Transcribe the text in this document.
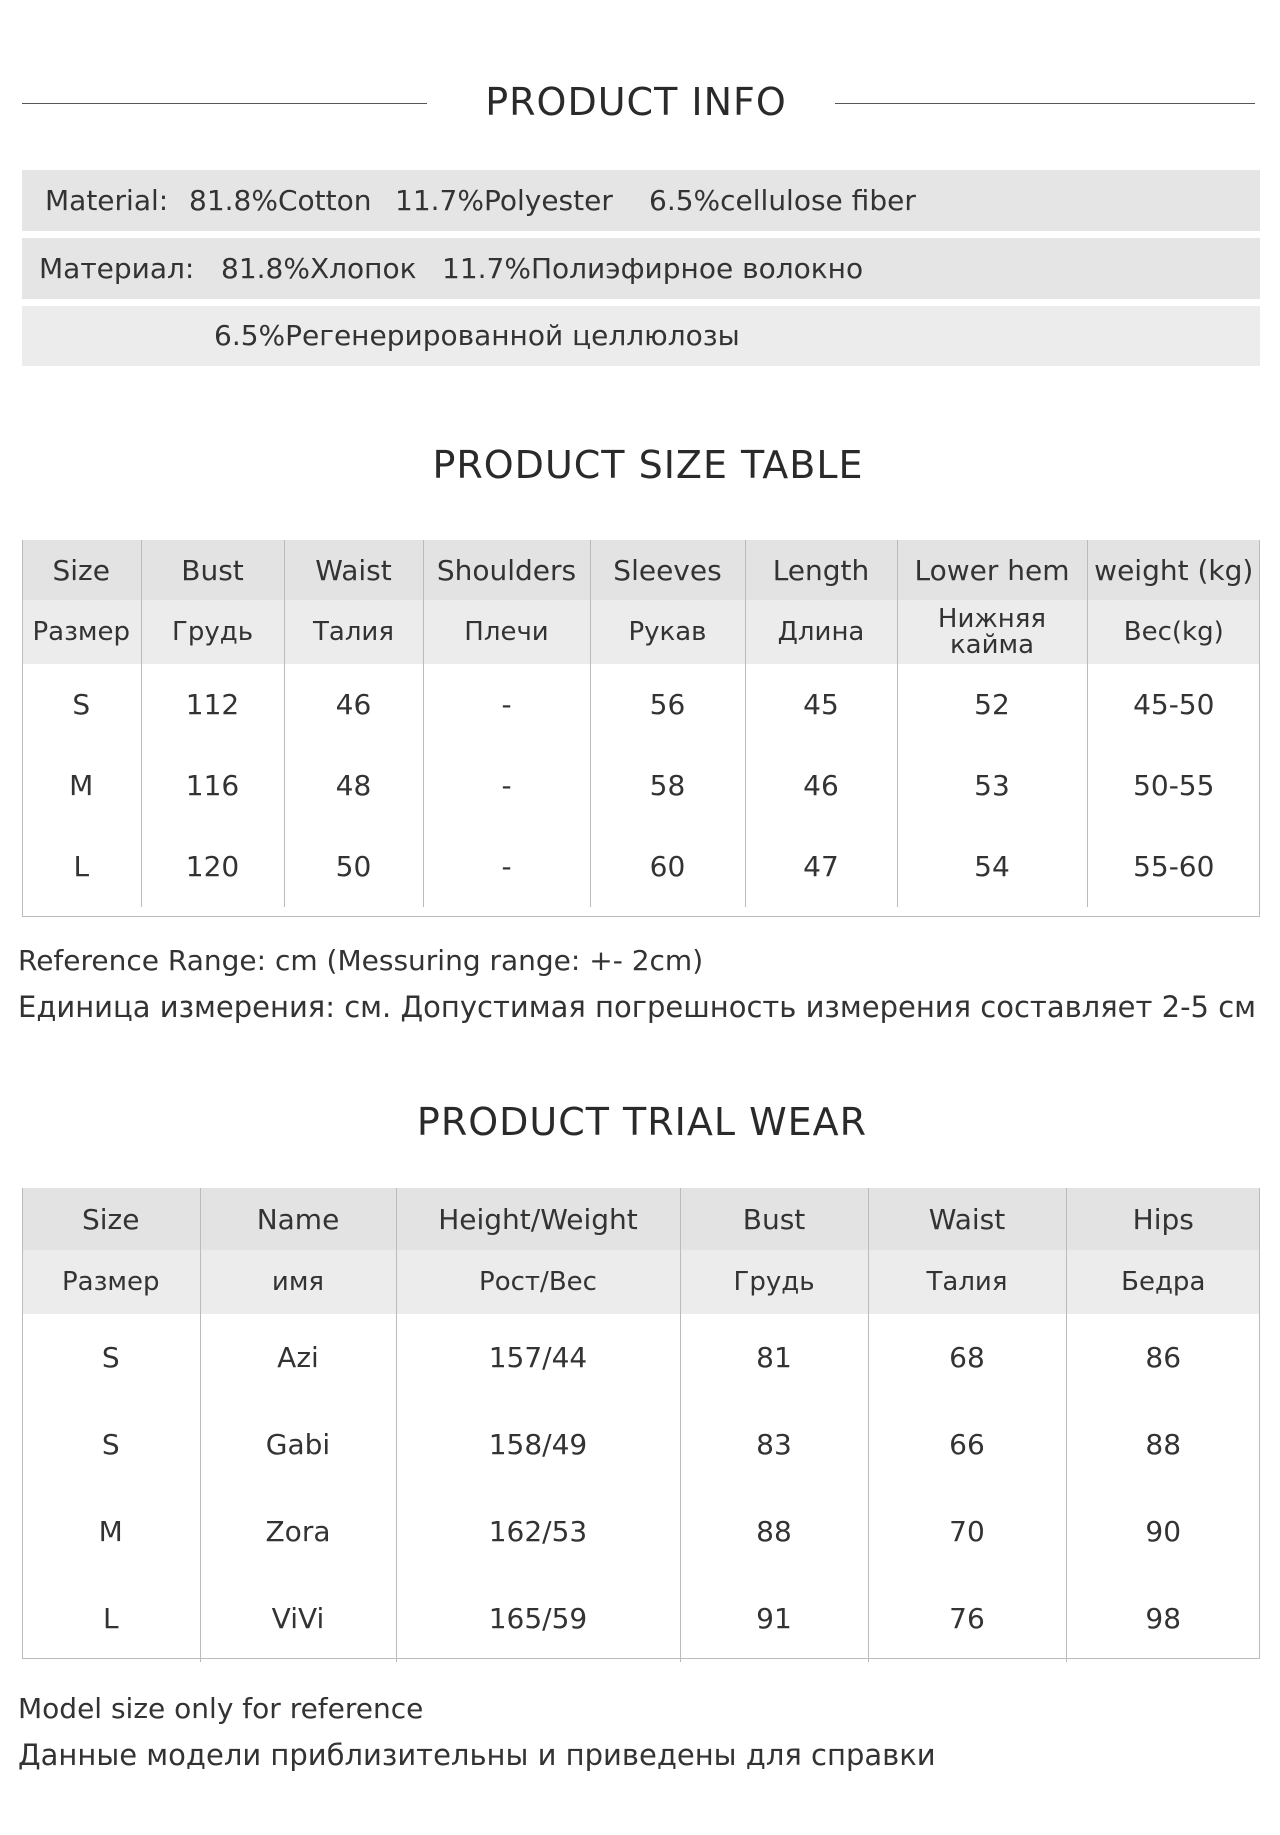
PRODUCT INFO
Material: 81.8%Cotton 11.7%Polyester 6.5%cellulose fiber
Материал: 81.8%Хлопок 11.7%Полиэфирное волокно
6.5%Регенерированной целлюлозы
PRODUCT SIZE TABLE
Size	Bust	Waist	Shoulders	Sleeves	Length	Lower hem	weight (kg)
Размер	Грудь	Талия	Плечи	Рукав	Длина	Нижняя кайма	Вес(kg)
S	112	46	-	56	45	52	45-50
M	116	48	-	58	46	53	50-55
L	120	50	-	60	47	54	55-60
Reference Range: cm (Messuring range: +- 2cm)
Единица измерения: см. Допустимая погрешность измерения составляет 2-5 см
PRODUCT TRIAL WEAR
Size	Name	Height/Weight	Bust	Waist	Hips
Размер	имя	Рост/Вес	Грудь	Талия	Бедра
S	Azi	157/44	81	68	86
S	Gabi	158/49	83	66	88
M	Zora	162/53	88	70	90
L	ViVi	165/59	91	76	98
Model size only for reference
Данные модели приблизительны и приведены для справки
